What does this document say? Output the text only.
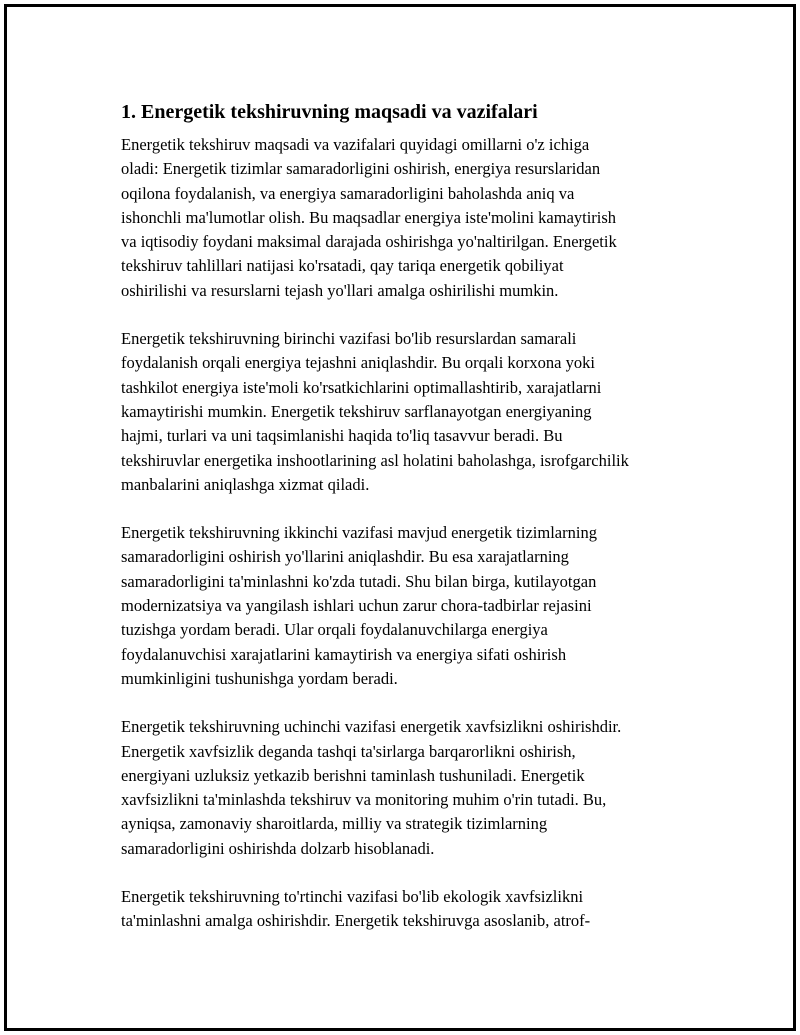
1. Energetik tekshiruvning maqsadi va vazifalari

Energetik tekshiruv maqsadi va vazifalari quyidagi omillarni o'z ichiga
oladi: Energetik tizimlar samaradorligini oshirish, energiya resurslaridan
oqilona foydalanish, va energiya samaradorligini baholashda aniq va
ishonchli ma'lumotlar olish. Bu maqsadlar energiya iste'molini kamaytirish
va iqtisodiy foydani maksimal darajada oshirishga yo'naltirilgan. Energetik
tekshiruv tahlillari natijasi ko'rsatadi, qay tariqa energetik qobiliyat
oshirilishi va resurslarni tejash yo'llari amalga oshirilishi mumkin.

Energetik tekshiruvning birinchi vazifasi bo'lib resurslardan samarali
foydalanish orqali energiya tejashni aniqlashdir. Bu orqali korxona yoki
tashkilot energiya iste'moli ko'rsatkichlarini optimallashtirib, xarajatlarni
kamaytirishi mumkin. Energetik tekshiruv sarflanayotgan energiyaning
hajmi, turlari va uni taqsimlanishi haqida to'liq tasavvur beradi. Bu
tekshiruvlar energetika inshootlarining asl holatini baholashga, isrofgarchilik
manbalarini aniqlashga xizmat qiladi.

Energetik tekshiruvning ikkinchi vazifasi mavjud energetik tizimlarning
samaradorligini oshirish yo'llarini aniqlashdir. Bu esa xarajatlarning
samaradorligini ta'minlashni ko'zda tutadi. Shu bilan birga, kutilayotgan
modernizatsiya va yangilash ishlari uchun zarur chora-tadbirlar rejasini
tuzishga yordam beradi. Ular orqali foydalanuvchilarga energiya
foydalanuvchisi xarajatlarini kamaytirish va energiya sifati oshirish
mumkinligini tushunishga yordam beradi.

Energetik tekshiruvning uchinchi vazifasi energetik xavfsizlikni oshirishdir.
Energetik xavfsizlik deganda tashqi ta'sirlarga barqarorlikni oshirish,
energiyani uzluksiz yetkazib berishni taminlash tushuniladi. Energetik
xavfsizlikni ta'minlashda tekshiruv va monitoring muhim o'rin tutadi. Bu,
ayniqsa, zamonaviy sharoitlarda, milliy va strategik tizimlarning
samaradorligini oshirishda dolzarb hisoblanadi.

Energetik tekshiruvning to'rtinchi vazifasi bo'lib ekologik xavfsizlikni
ta'minlashni amalga oshirishdir. Energetik tekshiruvga asoslanib, atrof-
